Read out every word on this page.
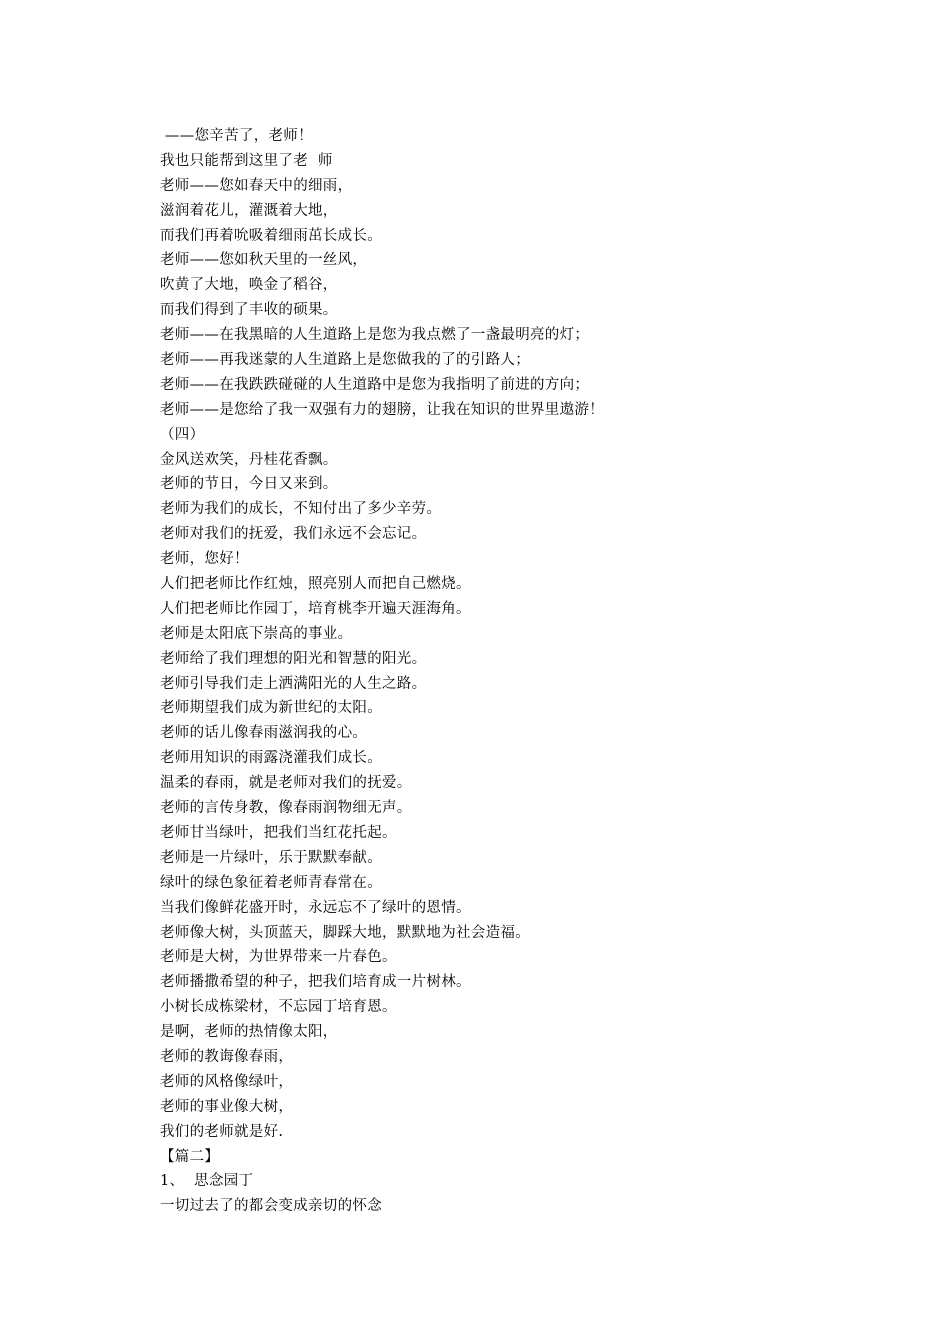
——您辛苦了，老师！
我也只能帮到这里了老  师
老师——您如春天中的细雨，
滋润着花儿，灌溉着大地，
而我们再着吮吸着细雨茁长成长。
老师——您如秋天里的一丝风，
吹黄了大地，唤金了稻谷，
而我们得到了丰收的硕果。
老师——在我黑暗的人生道路上是您为我点燃了一盏最明亮的灯；
老师——再我迷蒙的人生道路上是您做我的了的引路人；
老师——在我跌跌碰碰的人生道路中是您为我指明了前进的方向；
老师——是您给了我一双强有力的翅膀，让我在知识的世界里遨游！
（四）
金风送欢笑，丹桂花香飘。
老师的节日，今日又来到。
老师为我们的成长，不知付出了多少辛劳。
老师对我们的抚爱，我们永远不会忘记。
老师，您好！
人们把老师比作红烛，照亮别人而把自己燃烧。
人们把老师比作园丁，培育桃李开遍天涯海角。
老师是太阳底下崇高的事业。
老师给了我们理想的阳光和智慧的阳光。
老师引导我们走上洒满阳光的人生之路。
老师期望我们成为新世纪的太阳。
老师的话儿像春雨滋润我的心。
老师用知识的雨露浇灌我们成长。
温柔的春雨，就是老师对我们的抚爱。
老师的言传身教，像春雨润物细无声。
老师甘当绿叶，把我们当红花托起。
老师是一片绿叶，乐于默默奉献。
绿叶的绿色象征着老师青春常在。
当我们像鲜花盛开时，永远忘不了绿叶的恩情。
老师像大树，头顶蓝天，脚踩大地，默默地为社会造福。
老师是大树，为世界带来一片春色。
老师播撒希望的种子，把我们培育成一片树林。
小树长成栋梁材，不忘园丁培育恩。
是啊，老师的热情像太阳，
老师的教诲像春雨，
老师的风格像绿叶，
老师的事业像大树，
我们的老师就是好.
【篇二】
1、  思念园丁
一切过去了的都会变成亲切的怀念
